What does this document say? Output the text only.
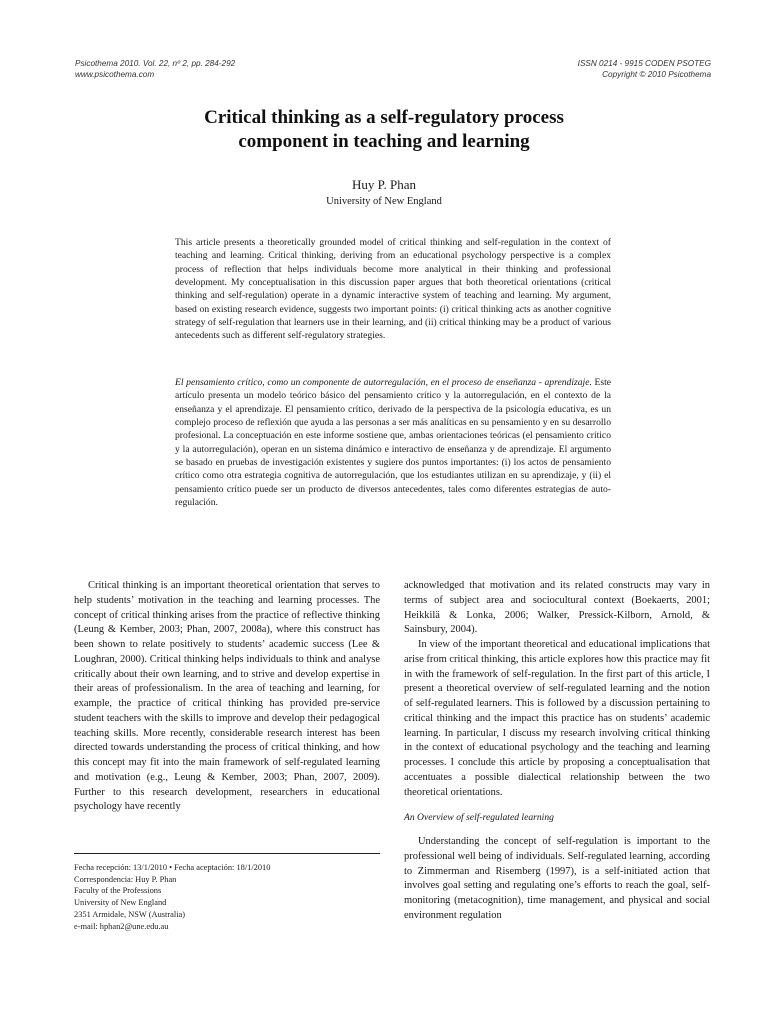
Psicothema 2010. Vol. 22, nº 2, pp. 284-292
www.psicothema.com
ISSN 0214 - 9915 CODEN PSOTEG
Copyright © 2010 Psicothema
Critical thinking as a self-regulatory process
component in teaching and learning
Huy P. Phan
University of New England

This article presents a theoretically grounded model of critical thinking and self-regulation in the context of teaching and learning. Critical thinking, deriving from an educational psychology perspective is a complex process of reflection that helps individuals become more analytical in their thinking and professional development. My conceptualisation in this discussion paper argues that both theoretical orientations (critical thinking and self-regulation) operate in a dynamic interactive system of teaching and learning. My argument, based on existing research evidence, suggests two important points: (i) critical thinking acts as another cognitive strategy of self-regulation that learners use in their learning, and (ii) critical thinking may be a product of various antecedents such as different self-regulatory strategies.

El pensamiento crítico, como un componente de autorregulación, en el proceso de enseñanza - aprendizaje. Este artículo presenta un modelo teórico básico del pensamiento crítico y la autorregulación, en el contexto de la enseñanza y el aprendizaje. El pensamiento crítico, derivado de la perspectiva de la psicología educativa, es un complejo proceso de reflexión que ayuda a las personas a ser más analíticas en su pensamiento y en su desarrollo profesional. La conceptuación en este informe sostiene que, ambas orientaciones teóricas (el pensamiento crítico y la autorregulación), operan en un sistema dinámico e interactivo de enseñanza y de aprendizaje. El argumento se basado en pruebas de investigación existentes y sugiere dos puntos importantes: (i) los actos de pensamiento crítico como otra estrategia cognitiva de autorregulación, que los estudiantes utilizan en su aprendizaje, y (ii) el pensamiento crítico puede ser un producto de diversos antecedentes, tales como diferentes estrategias de auto-regulación.

Critical thinking is an important theoretical orientation that serves to help students’ motivation in the teaching and learning processes. The concept of critical thinking arises from the practice of reflective thinking (Leung & Kember, 2003; Phan, 2007, 2008a), where this construct has been shown to relate positively to students’ academic success (Lee & Loughran, 2000). Critical thinking helps individuals to think and analyse critically about their own learning, and to strive and develop expertise in their areas of professionalism. In the area of teaching and learning, for example, the practice of critical thinking has provided pre-service student teachers with the skills to improve and develop their pedagogical teaching skills. More recently, considerable research interest has been directed towards understanding the process of critical thinking, and how this concept may fit into the main framework of self-regulated learning and motivation (e.g., Leung & Kember, 2003; Phan, 2007, 2009). Further to this research development, researchers in educational psychology have recently

acknowledged that motivation and its related constructs may vary in terms of subject area and sociocultural context (Boekaerts, 2001; Heikkilä & Lonka, 2006; Walker, Pressick-Kilborn, Arnold, & Sainsbury, 2004).

In view of the important theoretical and educational implications that arise from critical thinking, this article explores how this practice may fit in with the framework of self-regulation. In the first part of this article, I present a theoretical overview of self-regulated learning and the notion of self-regulated learners. This is followed by a discussion pertaining to critical thinking and the impact this practice has on students’ academic learning. In particular, I discuss my research involving critical thinking in the context of educational psychology and the teaching and learning processes. I conclude this article by proposing a conceptualisation that accentuates a possible dialectical relationship between the two theoretical orientations.

An Overview of self-regulated learning

Understanding the concept of self-regulation is important to the professional well being of individuals. Self-regulated learning, according to Zimmerman and Risemberg (1997), is a self-initiated action that involves goal setting and regulating one’s efforts to reach the goal, self-monitoring (metacognition), time management, and physical and social environment regulation

Fecha recepción: 13/1/2010 • Fecha aceptación: 18/1/2010
Correspondencia: Huy P. Phan
Faculty of the Professions
University of New England
2351 Armidale, NSW (Australia)
e-mail: hphan2@une.edu.au
